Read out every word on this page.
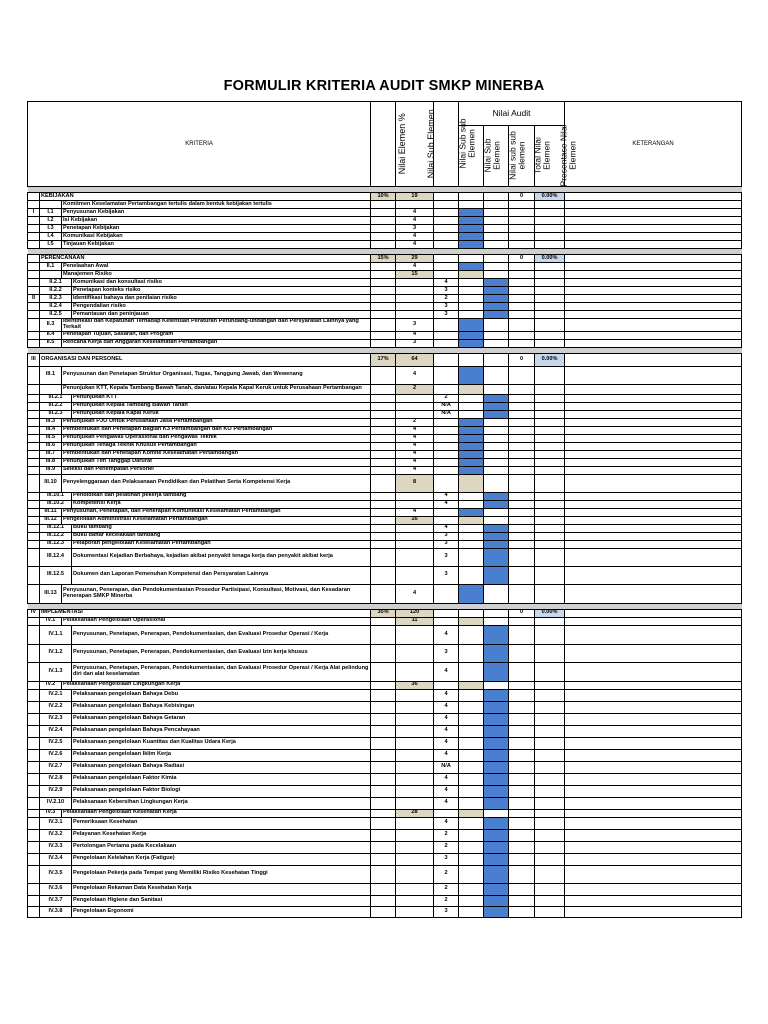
FORMULIR KRITERIA AUDIT SMKP MINERBA
KRITERIA				Nilai Elemen %	Nilai Sub Elemen	Nilai Sub sub Elemen	Nilai Audit				KETERANGAN
							Nilai Sub Elemen	Nilai sub sub elemen	Total Nilai Elemen	Presentase Nilai Elemen	

	KEBIJAKAN			10%	19				0	0.00%	
		Komitmen Keselamatan Pertambangan tertulis dalam bentuk kebijakan tertulis									
I	I.1	Penyusunan Kebijakan			4						
	I.2	Isi Kebijakan			4						
	I.3	Penetapan Kebijakan			3						
	I.4	Komunikasi Kebijakan			4						
	I.5	Tinjauan Kebijakan			4						

	PERENCANAAN			15%	29				0	0.00%	
	II.1	Penelaahan Awal			4						
		Manajemen Risiko			15						
	II.2.1		Komunikasi dan konsultasi risiko			4					
	II.2.2		Penetapan konteks risiko			3					
II	II.2.3		Identifikasi bahaya dan penilaian risiko			2					
	II.2.4		Pengendalian risiko			3					
	II.2.5		Pemantauan dan peninjauan			3					
	II.3	Identifikasi dan Kepatuhan Terhadap Ketentuan Peraturan Perundang-undangan dan Persyaratan Lainnya yang Terkait			3						
	II.4	Penetapan Tujuan, Sasaran, dan Program			4						
	II.5	Rencana Kerja dan Anggaran Keselamatan Pertambangan			3						

III	ORGANISASI DAN PERSONEL			17%	64				0	0.00%	
	III.1	Penyusunan dan Penetapan Struktur Organisasi, Tugas, Tanggung Jawab, dan Wewenang			4						
		Penunjukan KTT, Kepala Tambang Bawah Tanah, dan/atau Kepala Kapal Keruk untuk Perusahaan Pertambangan			2						
	III.2.1		Penunjukan KTT			2					
	III.2.2		Penunjukan Kepala Tambang Bawah Tanah			N/A					
	III.2.3		Penunjukan Kepala Kapal Keruk			N/A					
	III.3	Penunjukan PJO Untuk Perusahaan Jasa Pertambangan			2						
	III.4	Pembentukan dan Penetapan Bagian K3 Pertambangan dan KO Pertambangan			4						
	III.5	Penunjukan Pengawas Operasional dan Pengawas Teknik			4						
	III.6	Penunjukan Tenaga Teknik Khusus Pertambangan			4						
	III.7	Pembentukan dan Penetapan Komite Keselamatan Pertambangan			4						
	III.8	Penunjukan Tim Tanggap Darurat			4						
	III.9	Seleksi dan Penempatan Personel			4						
	III.10	Penyelenggaraan dan Pelaksanaan Pendidikan dan Pelatihan Serta Kompetensi Kerja			8						
	III.10.1		Pendidikan dan pelatihan pekerja tambang			4					
	III.10.2		Kompetensi Kerja			4					
	III.11	Penyusunan, Penetapan, dan Penerapan Komunikasi Keselamatan Pertambangan			4						
	III.12	Pengelolaan Administrasi Keselamatan Pertambangan			16						
	III.12.1		Buku tambang			4					
	III.12.2		Buku daftar kecelakaan tambang			3					
	III.12.3		Pelaporan pengelolaan Keselamatan Pertambangan			3					
	III.12.4		Dokumentasi Kejadian Berbahaya, kejadian akibat penyakit tenaga kerja dan penyakit akibat kerja			3					
	III.12.5		Dokumen dan Laporan Pemenuhan Kompetensi dan Persyaratan Lainnya			3					
	III.13	Penyusunan, Penerapan, dan Pendokumentasian Prosedur Partisipasi, Konsultasi, Motivasi, dan Kesadaran Penerapan SMKP Minerba			4						

IV	IMPLEMENTASI			35%	120				0	0.00%	
	IV.1	Pelaksanaan Pengelolaan Operasional			11						
	IV.1.1		Penyusunan, Penetapan, Penerapan, Pendokumentasian, dan Evaluasi Prosedur Operasi / Kerja			4					
	IV.1.2		Penyusunan, Penetapan, Penerapan, Pendokumentasian, dan Evaluasi Izin kerja khusus			3					
	IV.1.3		Penyusunan, Penetapan, Penerapan, Pendokumentasian, dan Evaluasi Prosedur Operasi / Kerja Alat pelindung diri dan alat keselamatan			4					
	IV.2	Pelaksanaan Pengelolaan Lingkungan Kerja			36						
	IV.2.1		Pelaksanaan pengelolaan Bahaya Debu			4					
	IV.2.2		Pelaksanaan pengelolaan Bahaya Kebisingan			4					
	IV.2.3		Pelaksanaan pengelolaan Bahaya Getaran			4					
	IV.2.4		Pelaksanaan pengelolaan Bahaya Pencahayaan			4					
	IV.2.5		Pelaksanaan pengelolaan Kuantitas dan Kualitas Udara Kerja			4					
	IV.2.6		Pelaksanaan pengelolaan Iklim Kerja			4					
	IV.2.7		Pelaksanaan pengelolaan Bahaya Radiasi			N/A					
	IV.2.8		Pelaksanaan pengelolaan Faktor Kimia			4					
	IV.2.9		Pelaksanaan pengelolaan Faktor Biologi			4					
	IV.2.10		Pelaksanaan Kebersihan Lingkungan Kerja			4					
	IV.3	Pelaksanaan Pengelolaan Kesehatan Kerja			28						
	IV.3.1		Pemeriksaan Kesehatan			4					
	IV.3.2		Pelayanan Kesehatan Kerja			2					
	IV.3.3		Pertolongan Pertama pada Kecelakaan			2					
	IV.3.4		Pengelolaan Kelelahan Kerja (Fatigue)			3					
	IV.3.5		Pengelolaan Pekerja pada Tempat yang Memiliki Risiko Kesehatan Tinggi			2					
	IV.3.6		Pengelolaan Rekaman Data Kesehatan Kerja			2					
	IV.3.7		Pengelolaan Higiene dan Sanitasi			2					
	IV.3.8		Pengelolaan Ergonomi			3					
